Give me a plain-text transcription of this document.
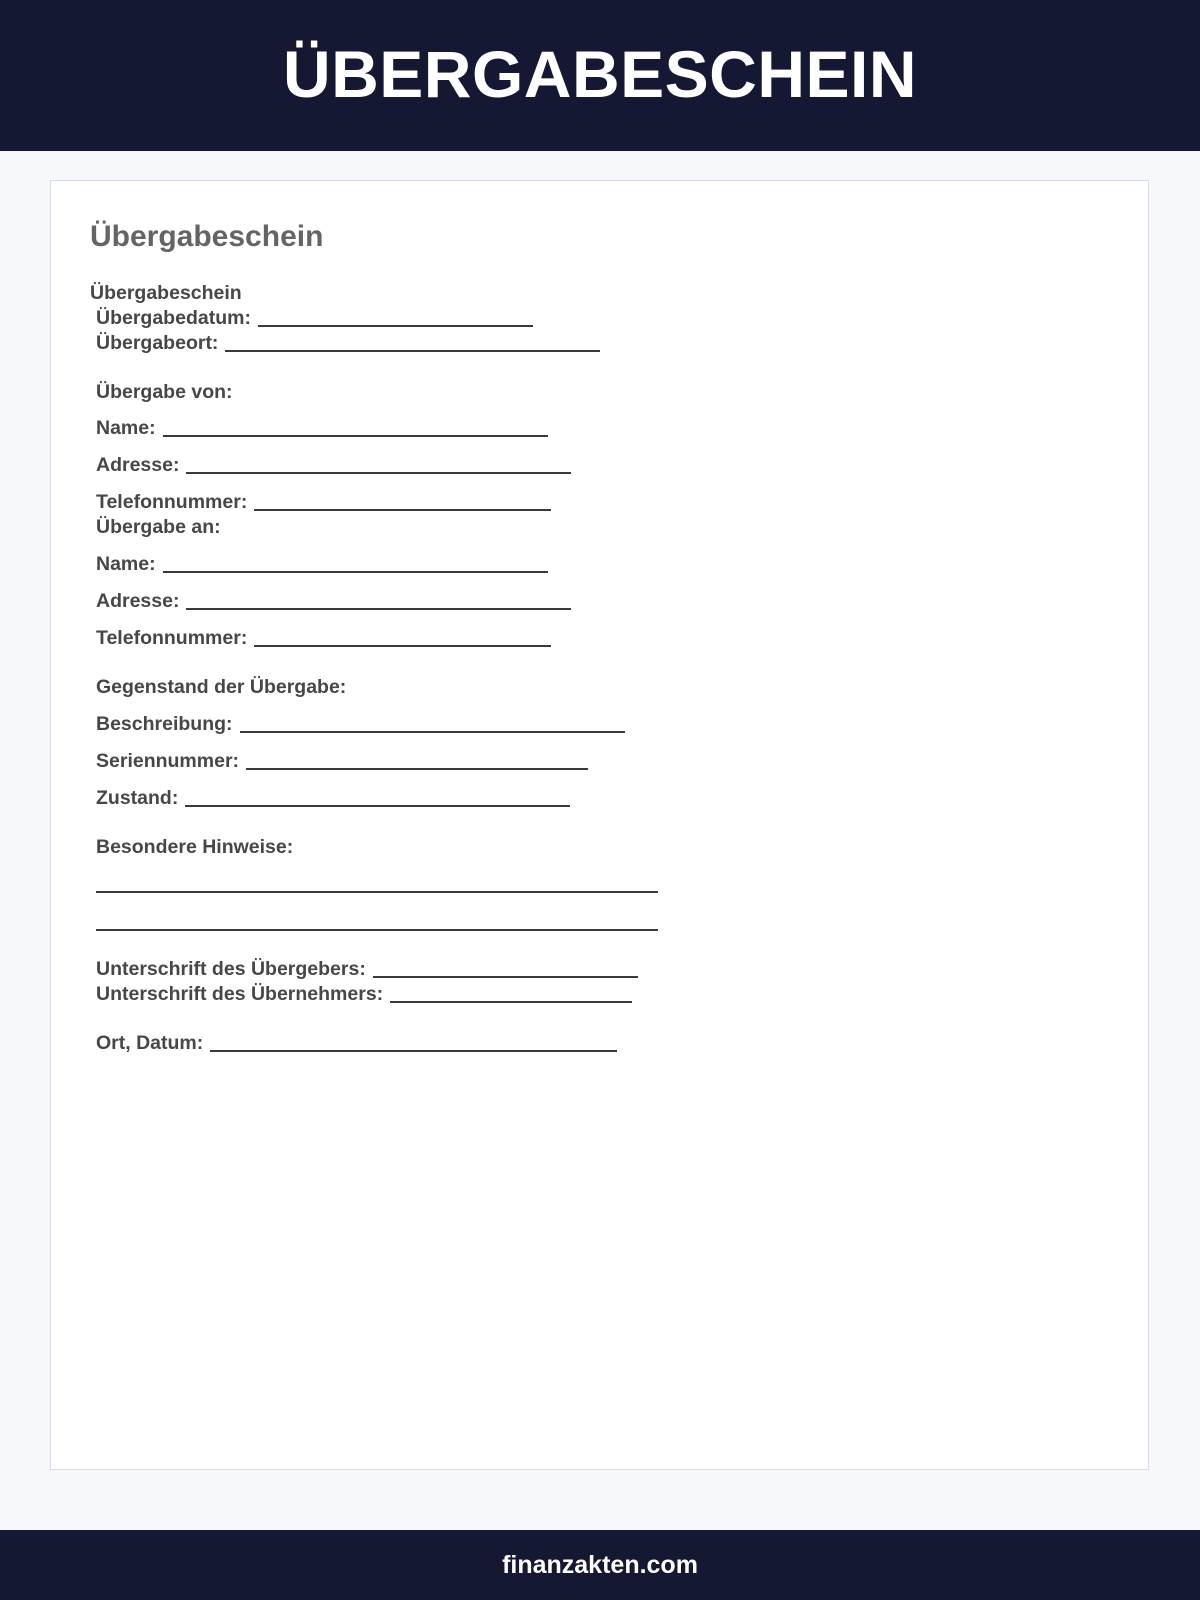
ÜBERGABESCHEIN
Übergabeschein
Übergabeschein
Übergabedatum:
Übergabeort:
Übergabe von:
Name:
Adresse:
Telefonnummer:
Übergabe an:
Name:
Adresse:
Telefonnummer:
Gegenstand der Übergabe:
Beschreibung:
Seriennummer:
Zustand:
Besondere Hinweise:
Unterschrift des Übergebers:
Unterschrift des Übernehmers:
Ort, Datum:
finanzakten.com
